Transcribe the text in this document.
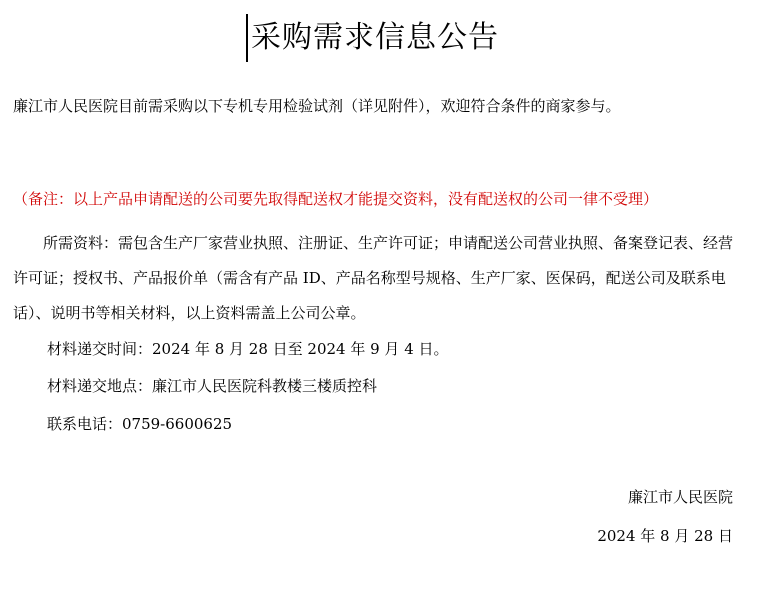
采购需求信息公告
廉江市人民医院目前需采购以下专机专用检验试剂（详见附件），欢迎符合条件的商家参与。
（备注：以上产品申请配送的公司要先取得配送权才能提交资料，没有配送权的公司一律不受理）
所需资料：需包含生产厂家营业执照、注册证、生产许可证；申请配送公司营业执照、备案登记表、经营许可证；授权书、产品报价单（需含有产品 ID、产品名称型号规格、生产厂家、医保码，配送公司及联系电话）、说明书等相关材料，以上资料需盖上公司公章。
材料递交时间：2024 年 8 月 28 日至 2024 年 9 月 4 日。
材料递交地点：廉江市人民医院科教楼三楼质控科
联系电话：0759-6600625
廉江市人民医院
2024 年 8 月 28 日
